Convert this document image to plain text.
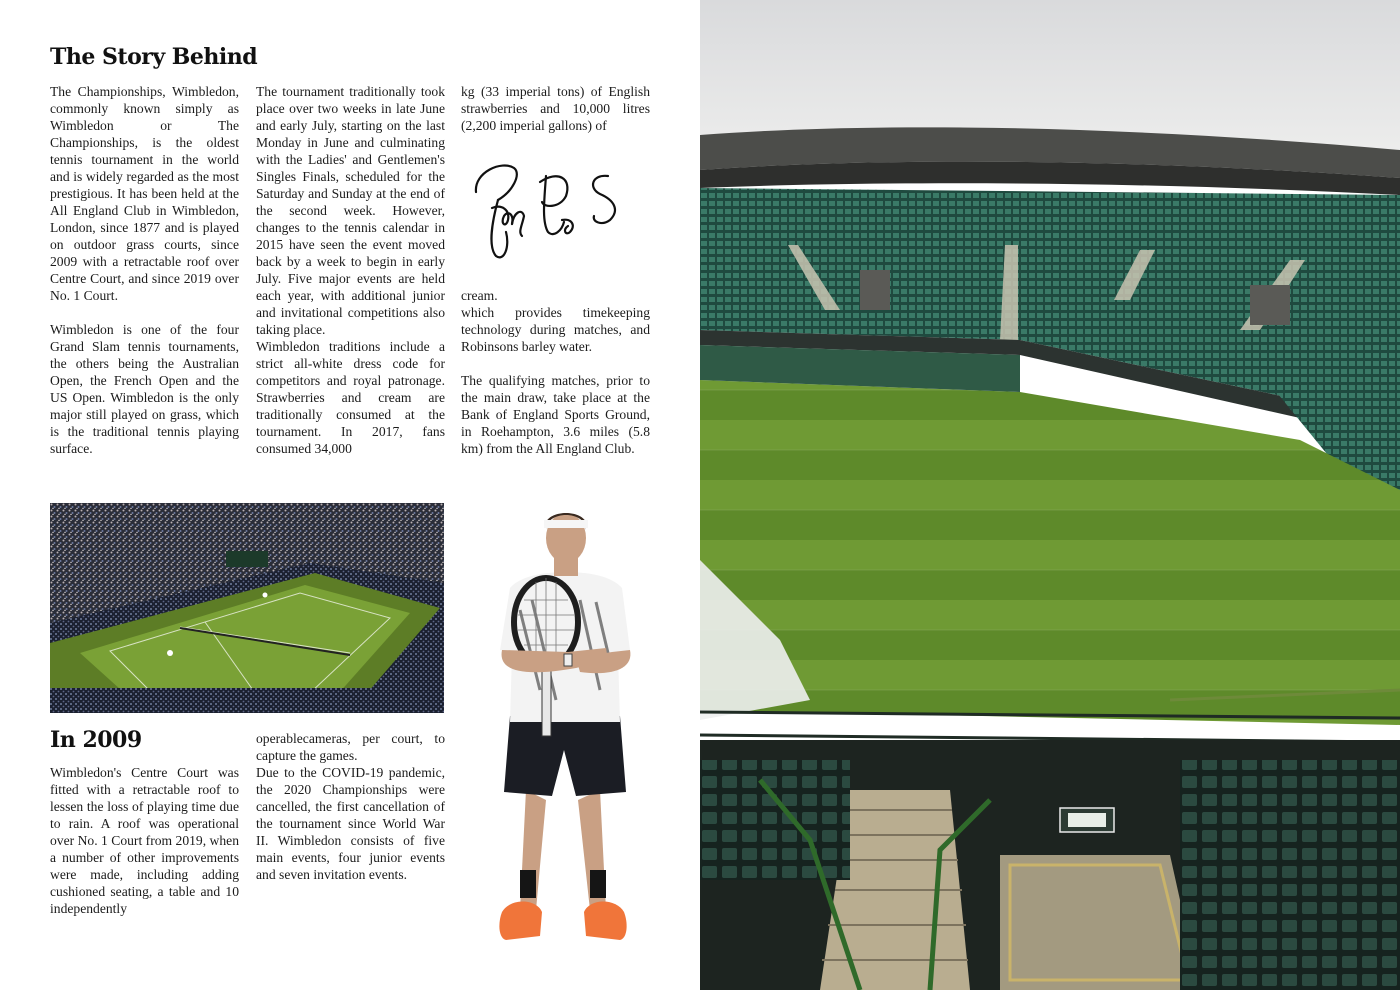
The Story Behind

The Championships, Wimbledon, commonly known simply as Wimbledon or The Championships, is the oldest tennis tournament in the world and is widely regarded as the most prestigious. It has been held at the All England Club in Wimbledon, London, since 1877 and is played on outdoor grass courts, since 2009 with a retractable roof over Centre Court, and since 2019 over No. 1 Court.

Wimbledon is one of the four Grand Slam tennis tournaments, the others being the Australian Open, the French Open and the US Open. Wimbledon is the only major still played on grass, which is the traditional tennis playing surface.

The tournament traditionally took place over two weeks in late June and early July, starting on the last Monday in June and culminating with the Ladies' and Gentlemen's Singles Finals, scheduled for the Saturday and Sunday at the end of the second week. However, changes to the tennis calendar in 2015 have seen the event moved back by a week to begin in early July. Five major events are held each year, with additional junior and invitational competitions also taking place.

Wimbledon traditions include a strict all-white dress code for competitors and royal patronage. Strawberries and cream are traditionally consumed at the tournament. In 2017, fans consumed 34,000

kg (33 imperial tons) of English strawberries and 10,000 litres (2,200 imperial gallons) of

cream.

which provides timekeeping technology during matches, and Robinsons barley water.

The qualifying matches, prior to the main draw, take place at the Bank of England Sports Ground, in Roehampton, 3.6 miles (5.8 km) from the All England Club.

In 2009

Wimbledon's Centre Court was fitted with a retractable roof to lessen the loss of playing time due to rain. A roof was operational over No. 1 Court from 2019, when a number of other improvements were made, including adding cushioned seating, a table and 10 independently

operablecameras, per court, to capture the games.

Due to the COVID-19 pandemic, the 2020 Championships were cancelled, the first cancellation of the tournament since World War II. Wimbledon consists of five main events, four junior events and seven invitation events.
